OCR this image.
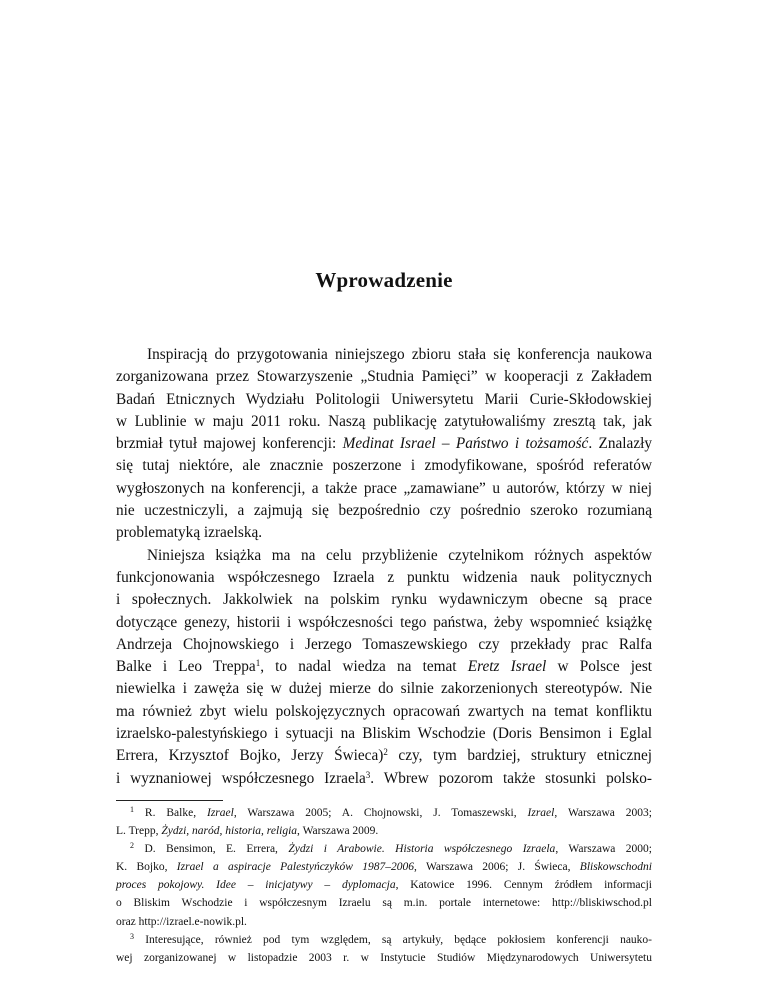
Wprowadzenie
Inspiracją do przygotowania niniejszego zbioru stała się konferencja naukowa
zorganizowana przez Stowarzyszenie „Studnia Pamięci” w kooperacji z Zakładem
Badań Etnicznych Wydziału Politologii Uniwersytetu Marii Curie-Skłodowskiej
w Lublinie w maju 2011 roku. Naszą publikację zatytułowaliśmy zresztą tak, jak
brzmiał tytuł majowej konferencji: Medinat Israel – Państwo i tożsamość. Znalazły
się tutaj niektóre, ale znacznie poszerzone i zmodyfikowane, spośród referatów
wygłoszonych na konferencji, a także prace „zamawiane” u autorów, którzy w niej
nie uczestniczyli, a zajmują się bezpośrednio czy pośrednio szeroko rozumianą
problematyką izraelską.
Niniejsza książka ma na celu przybliżenie czytelnikom różnych aspektów
funkcjonowania współczesnego Izraela z punktu widzenia nauk politycznych
i społecznych. Jakkolwiek na polskim rynku wydawniczym obecne są prace
dotyczące genezy, historii i współczesności tego państwa, żeby wspomnieć książkę
Andrzeja Chojnowskiego i Jerzego Tomaszewskiego czy przekłady prac Ralfa
Balke i Leo Treppa$^1$, to nadal wiedza na temat Eretz Israel w Polsce jest
niewielka i zawęża się w dużej mierze do silnie zakorzenionych stereotypów. Nie
ma również zbyt wielu polskojęzycznych opracowań zwartych na temat konfliktu
izraelsko-palestyńskiego i sytuacji na Bliskim Wschodzie (Doris Bensimon i Eglal
Errera, Krzysztof Bojko, Jerzy Świeca)$^2$ czy, tym bardziej, struktury etnicznej
i wyznaniowej współczesnego Izraela$^3$. Wbrew pozorom także stosunki polsko-
$^1$ R. Balke, Izrael, Warszawa 2005; A. Chojnowski, J. Tomaszewski, Izrael, Warszawa 2003;
L. Trepp, Żydzi, naród, historia, religia, Warszawa 2009.
$^2$ D. Bensimon, E. Errera, Żydzi i Arabowie. Historia współczesnego Izraela, Warszawa 2000;
K. Bojko, Izrael a aspiracje Palestyńczyków 1987–2006, Warszawa 2006; J. Świeca, Bliskowschodni
proces pokojowy. Idee – inicjatywy – dyplomacja, Katowice 1996. Cennym źródłem informacji
o Bliskim Wschodzie i współczesnym Izraelu są m.in. portale internetowe: http://bliskiwschod.pl
oraz http://izrael.e-nowik.pl.
$^3$ Interesujące, również pod tym względem, są artykuły, będące pokłosiem konferencji nauko-
wej zorganizowanej w listopadzie 2003 r. w Instytucie Studiów Międzynarodowych Uniwersytetu
